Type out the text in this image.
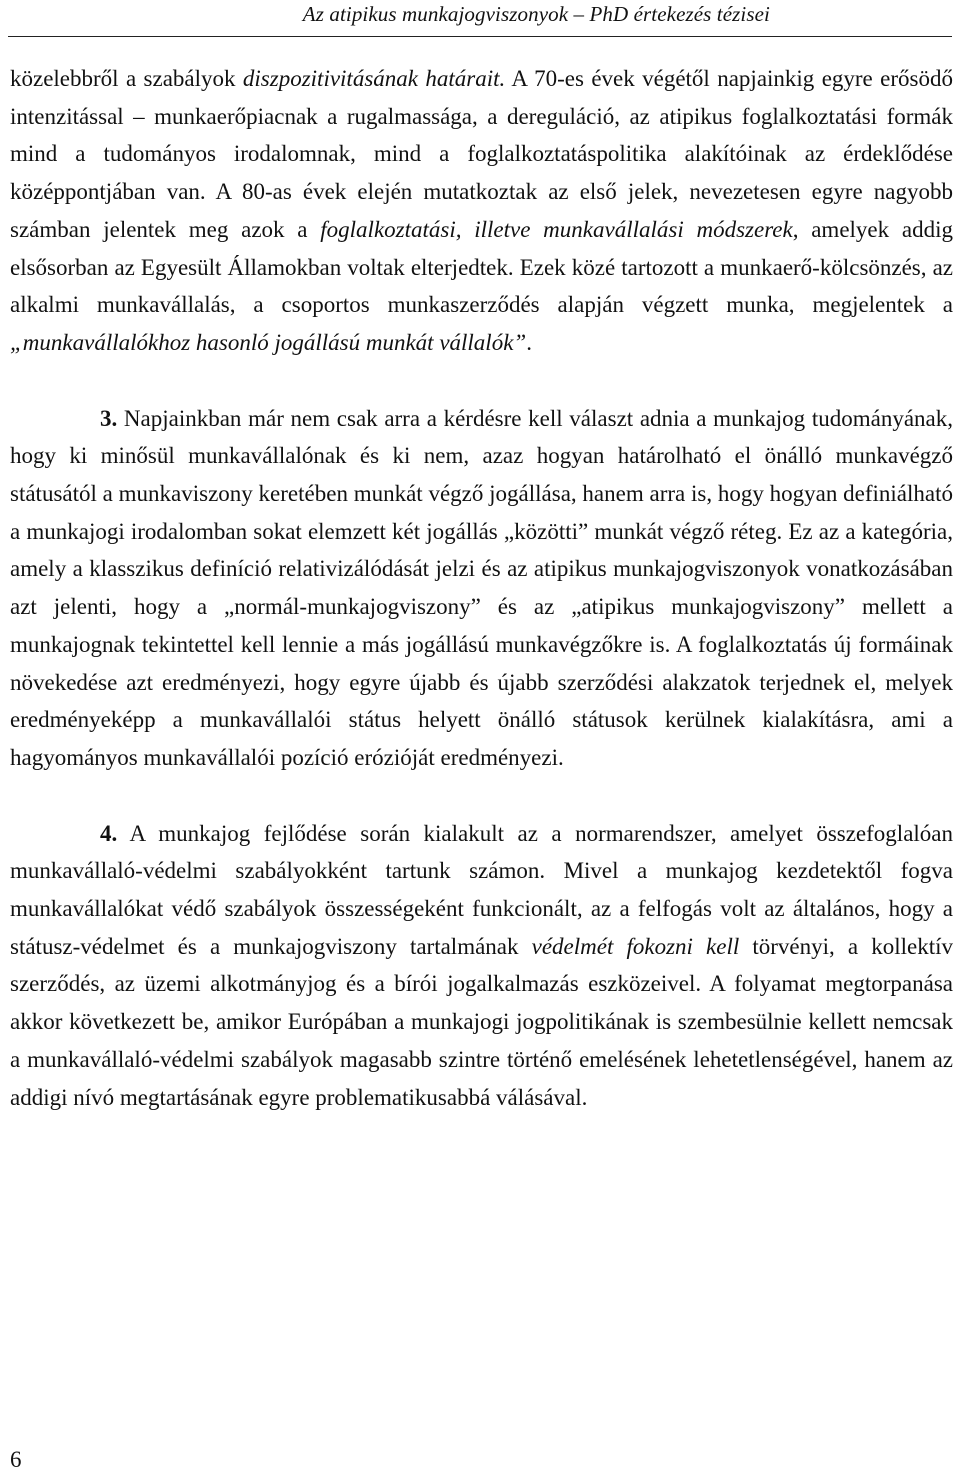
Az atipikus munkajogviszonyok – PhD értekezés tézisei

közelebbről a szabályok diszpozitivitásának határait. A 70-es évek végétől napjainkig egyre erősödő intenzitással – munkaerőpiacnak a rugalmassága, a dereguláció, az atipikus foglalkoztatási formák mind a tudományos irodalomnak, mind a foglalkoztatáspolitika alakítóinak az érdeklődése középpontjában van. A 80-as évek elején mutatkoztak az első jelek, nevezetesen egyre nagyobb számban jelentek meg azok a foglalkoztatási, illetve munkavállalási módszerek, amelyek addig elsősorban az Egyesült Államokban voltak elterjedtek. Ezek közé tartozott a munkaerő-kölcsönzés, az alkalmi munkavállalás, a csoportos munkaszerződés alapján végzett munka, megjelentek a „munkavállalókhoz hasonló jogállású munkát vállalók”.

3. Napjainkban már nem csak arra a kérdésre kell választ adnia a munkajog tudományának, hogy ki minősül munkavállalónak és ki nem, azaz hogyan határolható el önálló munkavégző státusától a munkaviszony keretében munkát végző jogállása, hanem arra is, hogy hogyan definiálható a munkajogi irodalomban sokat elemzett két jogállás „közötti” munkát végző réteg. Ez az a kategória, amely a klasszikus definíció relativizálódását jelzi és az atipikus munkajogviszonyok vonatkozásában azt jelenti, hogy a „normál-munkajogviszony” és az „atipikus munkajogviszony” mellett a munkajognak tekintettel kell lennie a más jogállású munkavégzőkre is. A foglalkoztatás új formáinak növekedése azt eredményezi, hogy egyre újabb és újabb szerződési alakzatok terjednek el, melyek eredményeképp a munkavállalói státus helyett önálló státusok kerülnek kialakításra, ami a hagyományos munkavállalói pozíció erózióját eredményezi.

4. A munkajog fejlődése során kialakult az a normarendszer, amelyet összefoglalóan munkavállaló-védelmi szabályokként tartunk számon. Mivel a munkajog kezdetektől fogva munkavállalókat védő szabályok összességeként funkcionált, az a felfogás volt az általános, hogy a státusz-védelmet és a munkajogviszony tartalmának védelmét fokozni kell törvényi, a kollektív szerződés, az üzemi alkotmányjog és a bírói jogalkalmazás eszközeivel. A folyamat megtorpanása akkor következett be, amikor Európában a munkajogi jogpolitikának is szembesülnie kellett nemcsak a munkavállaló-védelmi szabályok magasabb szintre történő emelésének lehetetlenségével, hanem az addigi nívó megtartásának egyre problematikusabbá válásával.

6
